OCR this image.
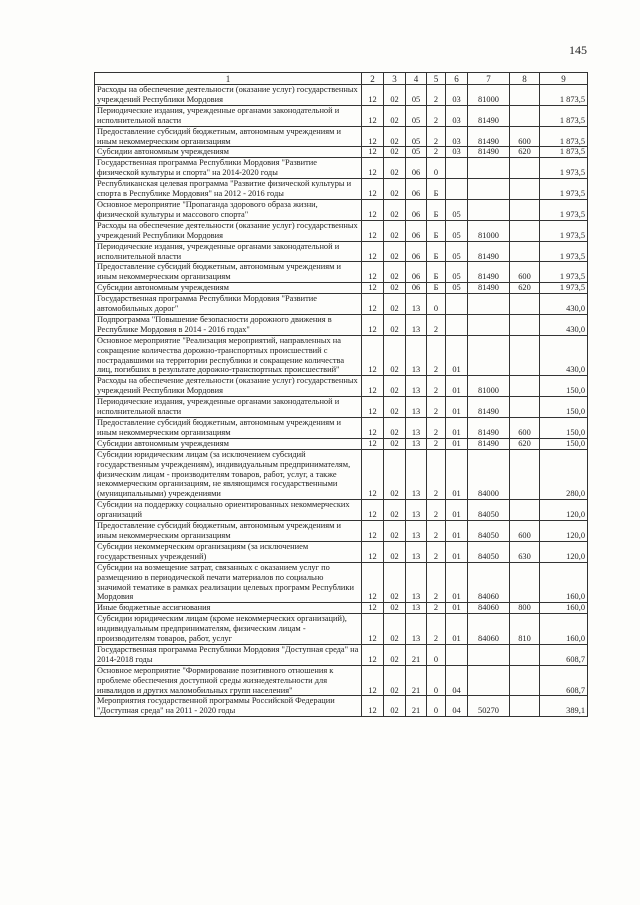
145
1	2	3	4	5	6	7	8	9
Расходы на обеспечение деятельности (оказание услуг) государственных учреждений Республики Мордовия	12	02	05	2	03	81000		1 873,5
Периодические издания, учрежденные органами законодательной и исполнительной власти	12	02	05	2	03	81490		1 873,5
Предоставление субсидий бюджетным, автономным учреждениям и иным некоммерческим организациям	12	02	05	2	03	81490	600	1 873,5
Субсидии автономным учреждениям	12	02	05	2	03	81490	620	1 873,5
Государственная программа Республики Мордовия "Развитие физической культуры и спорта" на 2014-2020 годы	12	02	06	0				1 973,5
Республиканская целевая программа "Развитие физической культуры и спорта в Республике Мордовия" на 2012 - 2016 годы	12	02	06	Б				1 973,5
Основное мероприятие "Пропаганда здорового образа жизни, физической культуры и массового спорта"	12	02	06	Б	05			1 973,5
Расходы на обеспечение деятельности (оказание услуг) государственных учреждений Республики Мордовия	12	02	06	Б	05	81000		1 973,5
Периодические издания, учрежденные органами законодательной и исполнительной власти	12	02	06	Б	05	81490		1 973,5
Предоставление субсидий бюджетным, автономным учреждениям и иным некоммерческим организациям	12	02	06	Б	05	81490	600	1 973,5
Субсидии автономным учреждениям	12	02	06	Б	05	81490	620	1 973,5
Государственная программа Республики Мордовия "Развитие автомобильных дорог"	12	02	13	0				430,0
Подпрограмма "Повышение безопасности дорожного движения в Республике Мордовия в 2014 - 2016 годах"	12	02	13	2				430,0
Основное мероприятие "Реализация мероприятий, направленных на сокращение количества дорожно-транспортных происшествий с пострадавшими на территории республики и сокращение количества лиц, погибших в результате дорожно-транспортных происшествий"	12	02	13	2	01			430,0
Расходы на обеспечение деятельности (оказание услуг) государственных учреждений Республики Мордовия	12	02	13	2	01	81000		150,0
Периодические издания, учрежденные органами законодательной и исполнительной власти	12	02	13	2	01	81490		150,0
Предоставление субсидий бюджетным, автономным учреждениям и иным некоммерческим организациям	12	02	13	2	01	81490	600	150,0
Субсидии автономным учреждениям	12	02	13	2	01	81490	620	150,0
Субсидии юридическим лицам (за исключением субсидий государственным учреждениям), индивидуальным предпринимателям, физическим лицам - производителям товаров, работ, услуг, а также некоммерческим организациям, не являющимся государственными (муниципальными) учреждениями	12	02	13	2	01	84000		280,0
Субсидии на поддержку социально ориентированных некоммерческих организаций	12	02	13	2	01	84050		120,0
Предоставление субсидий бюджетным, автономным учреждениям и иным некоммерческим организациям	12	02	13	2	01	84050	600	120,0
Субсидии некоммерческим организациям (за исключением государственных учреждений)	12	02	13	2	01	84050	630	120,0
Субсидии на возмещение затрат, связанных с оказанием услуг по размещению в периодической печати материалов по социально значимой тематике в рамках реализации целевых программ Республики Мордовия	12	02	13	2	01	84060		160,0
Иные бюджетные ассигнования	12	02	13	2	01	84060	800	160,0
Субсидии юридическим лицам (кроме некоммерческих организаций), индивидуальным предпринимателям, физическим лицам - производителям товаров, работ, услуг	12	02	13	2	01	84060	810	160,0
Государственная программа Республики Мордовия "Доступная среда" на 2014-2018 годы	12	02	21	0				608,7
Основное мероприятие "Формирование позитивного отношения к проблеме обеспечения доступной среды жизнедеятельности для инвалидов и других маломобильных групп населения"	12	02	21	0	04			608,7
Мероприятия государственной программы Российской Федерации "Доступная среда" на 2011 - 2020 годы	12	02	21	0	04	50270		389,1
